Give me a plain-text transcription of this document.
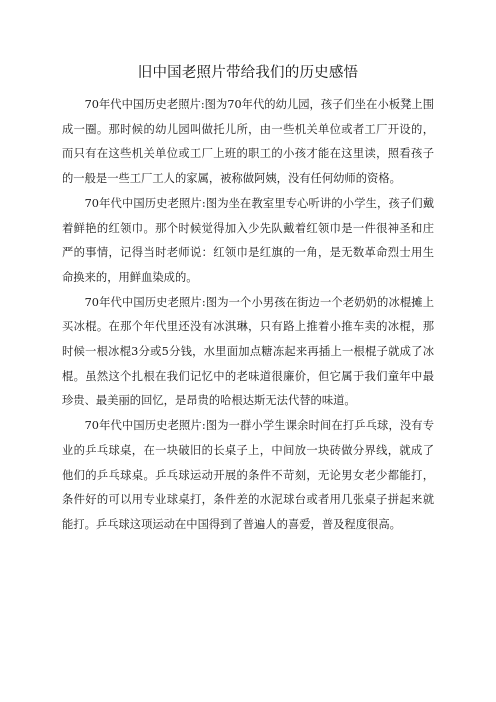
旧中国老照片带给我们的历史感悟

70年代中国历史老照片:图为70年代的幼儿园，孩子们坐在小板凳上围成一圈。那时候的幼儿园叫做托儿所，由一些机关单位或者工厂开设的，而只有在这些机关单位或工厂上班的职工的小孩才能在这里读，照看孩子的一般是一些工厂工人的家属，被称做阿姨，没有任何幼师的资格。

70年代中国历史老照片:图为坐在教室里专心听讲的小学生，孩子们戴着鲜艳的红领巾。那个时候觉得加入少先队戴着红领巾是一件很神圣和庄严的事情，记得当时老师说：红领巾是红旗的一角，是无数革命烈士用生命换来的，用鲜血染成的。

70年代中国历史老照片:图为一个小男孩在街边一个老奶奶的冰棍摊上买冰棍。在那个年代里还没有冰淇琳，只有路上推着小推车卖的冰棍，那时候一根冰棍3分或5分钱，水里面加点糖冻起来再插上一根棍子就成了冰棍。虽然这个扎根在我们记忆中的老味道很廉价，但它属于我们童年中最珍贵、最美丽的回忆，是昂贵的哈根达斯无法代替的味道。

70年代中国历史老照片:图为一群小学生课余时间在打乒乓球，没有专业的乒乓球桌，在一块破旧的长桌子上，中间放一块砖做分界线，就成了他们的乒乓球桌。乒乓球运动开展的条件不苛刻，无论男女老少都能打，条件好的可以用专业球桌打，条件差的水泥球台或者用几张桌子拼起来就能打。乒乓球这项运动在中国得到了普遍人的喜爱，普及程度很高。
